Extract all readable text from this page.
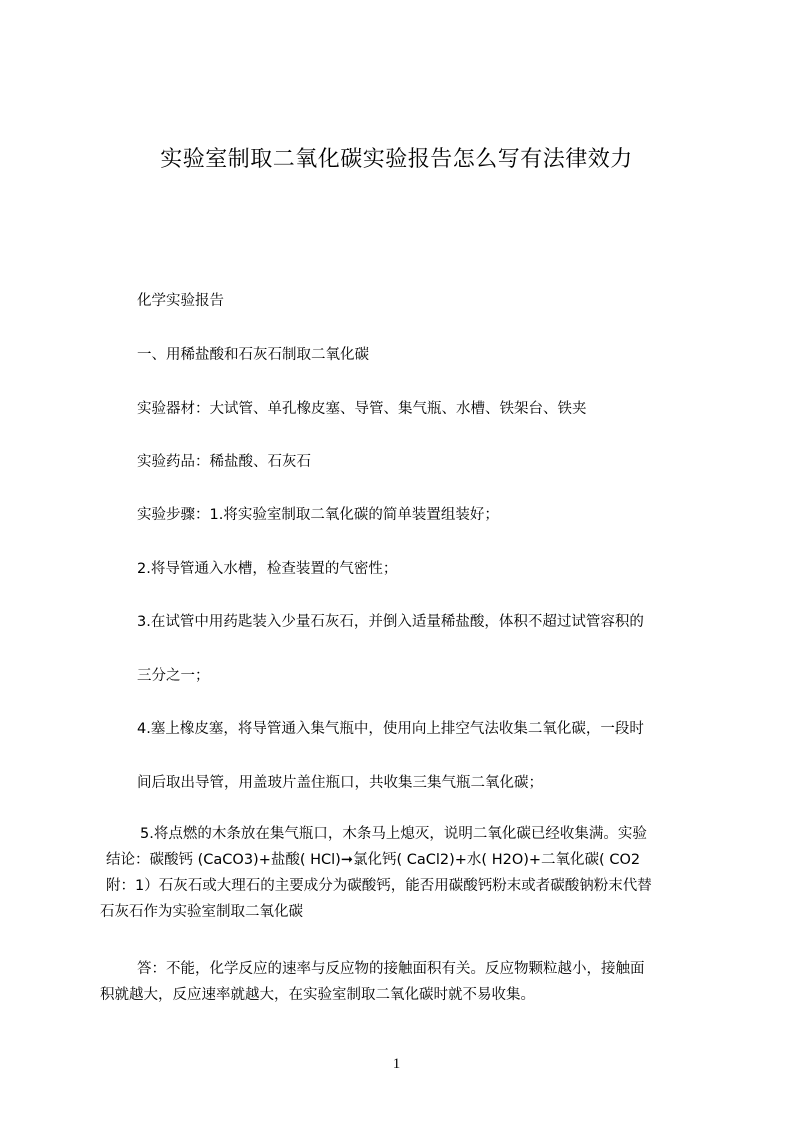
实验室制取二氧化碳实验报告怎么写有法律效力
化学实验报告
一、用稀盐酸和石灰石制取二氧化碳
实验器材：大试管、单孔橡皮塞、导管、集气瓶、水槽、铁架台、铁夹
实验药品：稀盐酸、石灰石
实验步骤：1.将实验室制取二氧化碳的简单装置组装好；
2.将导管通入水槽，检查装置的气密性；
3.在试管中用药匙装入少量石灰石，并倒入适量稀盐酸，体积不超过试管容积的
三分之一；
4.塞上橡皮塞，将导管通入集气瓶中，使用向上排空气法收集二氧化碳，一段时
间后取出导管，用盖玻片盖住瓶口，共收集三集气瓶二氧化碳；
5.将点燃的木条放在集气瓶口，木条马上熄灭，说明二氧化碳已经收集满。实验
结论：碳酸钙 (CaCO3)+盐酸( HCl)➞氯化钙( CaCl2)+水( H2O)+二氧化碳( CO2
附：1）石灰石或大理石的主要成分为碳酸钙，能否用碳酸钙粉末或者碳酸钠粉末代替
石灰石作为实验室制取二氧化碳
答：不能，化学反应的速率与反应物的接触面积有关。反应物颗粒越小，接触面
积就越大，反应速率就越大，在实验室制取二氧化碳时就不易收集。
1
